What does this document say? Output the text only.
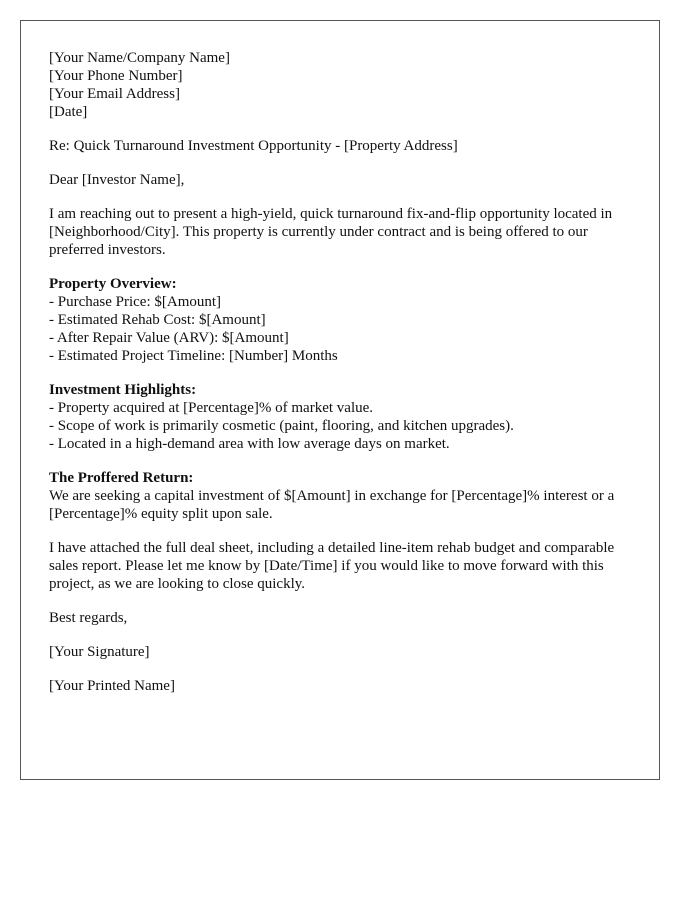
[Your Name/Company Name]
[Your Phone Number]
[Your Email Address]
[Date]

Re: Quick Turnaround Investment Opportunity - [Property Address]

Dear [Investor Name],

I am reaching out to present a high-yield, quick turnaround fix-and-flip opportunity located in [Neighborhood/City]. This property is currently under contract and is being offered to our preferred investors.

Property Overview:
- Purchase Price: $[Amount]
- Estimated Rehab Cost: $[Amount]
- After Repair Value (ARV): $[Amount]
- Estimated Project Timeline: [Number] Months
Investment Highlights:
- Property acquired at [Percentage]% of market value.
- Scope of work is primarily cosmetic (paint, flooring, and kitchen upgrades).
- Located in a high-demand area with low average days on market.
The Proffered Return:

We are seeking a capital investment of $[Amount] in exchange for [Percentage]% interest or a [Percentage]% equity split upon sale.

I have attached the full deal sheet, including a detailed line-item rehab budget and comparable sales report. Please let me know by [Date/Time] if you would like to move forward with this project, as we are looking to close quickly.

Best regards,

[Your Signature]

[Your Printed Name]
